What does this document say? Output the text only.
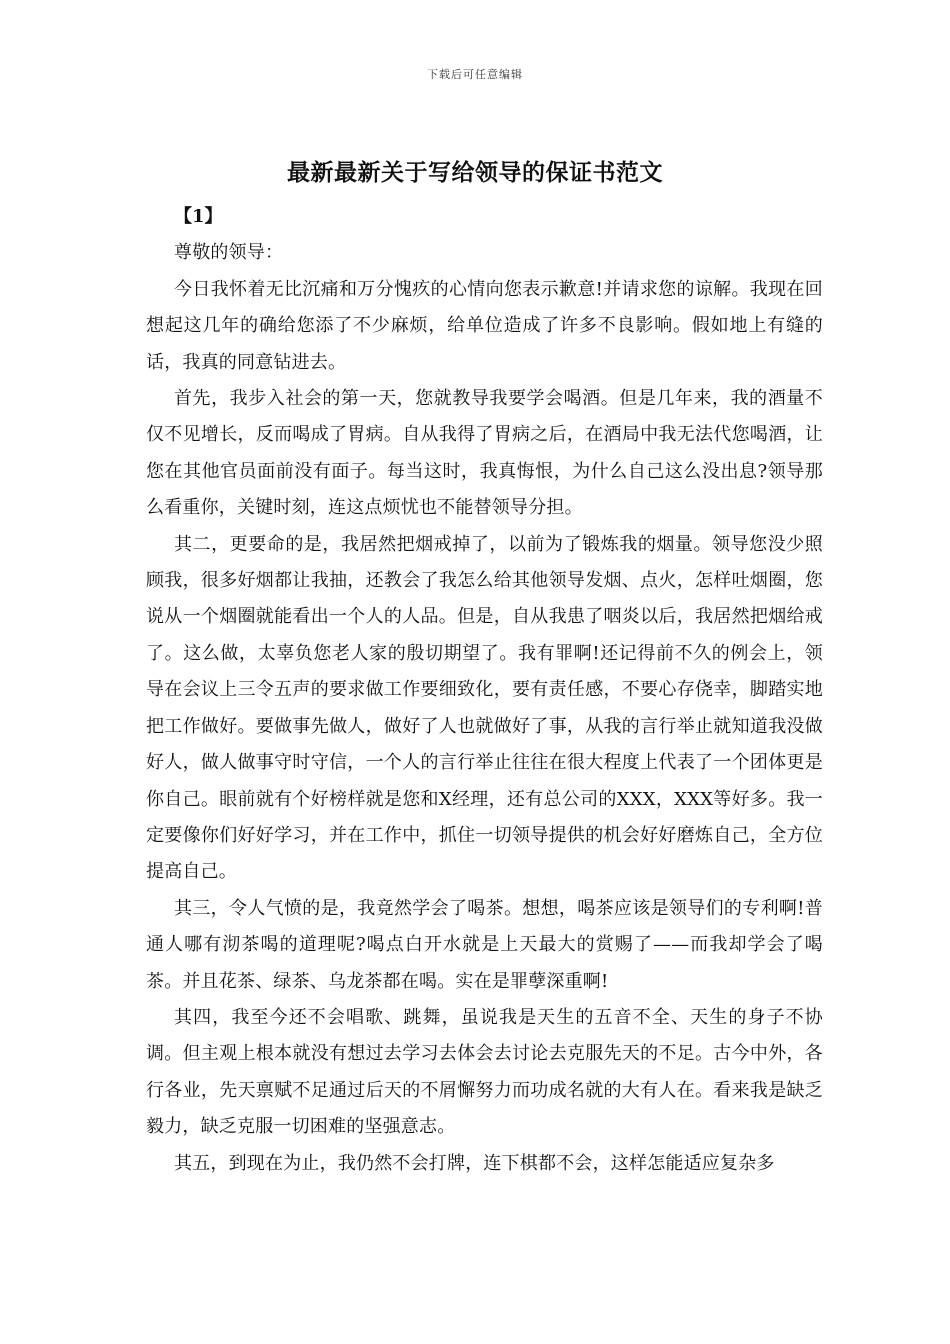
下载后可任意编辑
最新最新关于写给领导的保证书范文

【1】

尊敬的领导：

今日我怀着无比沉痛和万分愧疚的心情向您表示歉意!并请求您的谅解。我现在回想起这几年的确给您添了不少麻烦，给单位造成了许多不良影响。假如地上有缝的话，我真的同意钻进去。

首先，我步入社会的第一天，您就教导我要学会喝酒。但是几年来，我的酒量不仅不见增长，反而喝成了胃病。自从我得了胃病之后，在酒局中我无法代您喝酒，让您在其他官员面前没有面子。每当这时，我真悔恨，为什么自己这么没出息?领导那么看重你，关键时刻，连这点烦忧也不能替领导分担。

其二，更要命的是，我居然把烟戒掉了，以前为了锻炼我的烟量。领导您没少照顾我，很多好烟都让我抽，还教会了我怎么给其他领导发烟、点火，怎样吐烟圈，您说从一个烟圈就能看出一个人的人品。但是，自从我患了咽炎以后，我居然把烟给戒了。这么做，太辜负您老人家的殷切期望了。我有罪啊!还记得前不久的例会上，领导在会议上三令五声的要求做工作要细致化，要有责任感，不要心存侥幸，脚踏实地把工作做好。要做事先做人，做好了人也就做好了事，从我的言行举止就知道我没做好人，做人做事守时守信，一个人的言行举止往往在很大程度上代表了一个团体更是你自己。眼前就有个好榜样就是您和X经理，还有总公司的XXX，XXX等好多。我一定要像你们好好学习，并在工作中，抓住一切领导提供的机会好好磨炼自己，全方位提高自己。

其三，令人气愤的是，我竟然学会了喝茶。想想，喝茶应该是领导们的专利啊!普通人哪有沏茶喝的道理呢?喝点白开水就是上天最大的赏赐了——而我却学会了喝茶。并且花茶、绿茶、乌龙茶都在喝。实在是罪孽深重啊!

其四，我至今还不会唱歌、跳舞，虽说我是天生的五音不全、天生的身子不协调。但主观上根本就没有想过去学习去体会去讨论去克服先天的不足。古今中外，各行各业，先天禀赋不足通过后天的不屑懈努力而功成名就的大有人在。看来我是缺乏毅力，缺乏克服一切困难的坚强意志。

其五，到现在为止，我仍然不会打牌，连下棋都不会，这样怎能适应复杂多
